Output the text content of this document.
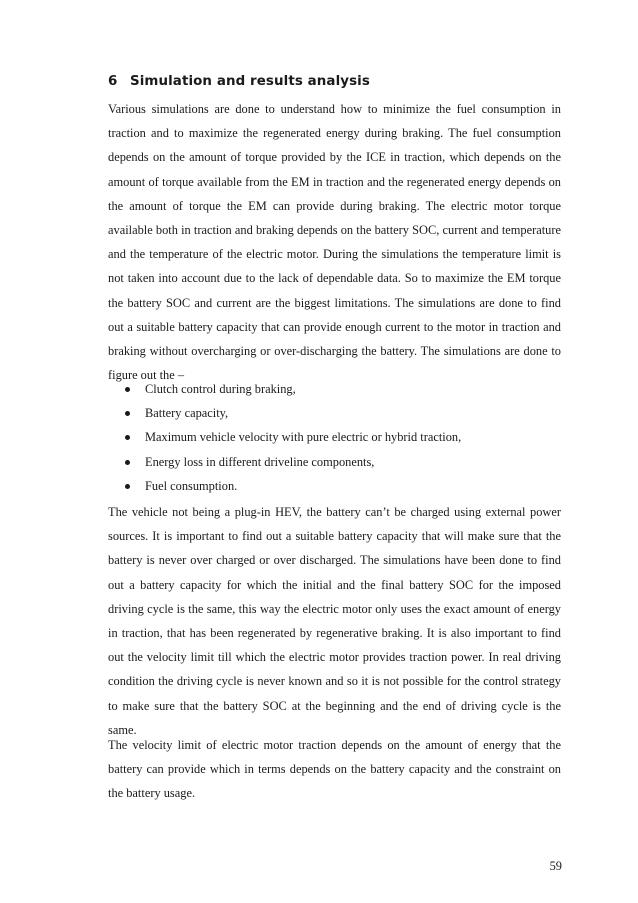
6 Simulation and results analysis

Various simulations are done to understand how to minimize the fuel consumption in traction and to maximize the regenerated energy during braking. The fuel consumption depends on the amount of torque provided by the ICE in traction, which depends on the amount of torque available from the EM in traction and the regenerated energy depends on the amount of torque the EM can provide during braking. The electric motor torque available both in traction and braking depends on the battery SOC, current and temperature and the temperature of the electric motor. During the simulations the temperature limit is not taken into account due to the lack of dependable data. So to maximize the EM torque the battery SOC and current are the biggest limitations. The simulations are done to find out a suitable battery capacity that can provide enough current to the motor in traction and braking without overcharging or over-discharging the battery. The simulations are done to figure out the –

Clutch control during braking,
Battery capacity,
Maximum vehicle velocity with pure electric or hybrid traction,
Energy loss in different driveline components,
Fuel consumption.

The vehicle not being a plug-in HEV, the battery can’t be charged using external power sources. It is important to find out a suitable battery capacity that will make sure that the battery is never over charged or over discharged. The simulations have been done to find out a battery capacity for which the initial and the final battery SOC for the imposed driving cycle is the same, this way the electric motor only uses the exact amount of energy in traction, that has been regenerated by regenerative braking. It is also important to find out the velocity limit till which the electric motor provides traction power. In real driving condition the driving cycle is never known and so it is not possible for the control strategy to make sure that the battery SOC at the beginning and the end of driving cycle is the same.

The velocity limit of electric motor traction depends on the amount of energy that the battery can provide which in terms depends on the battery capacity and the constraint on the battery usage.

59
